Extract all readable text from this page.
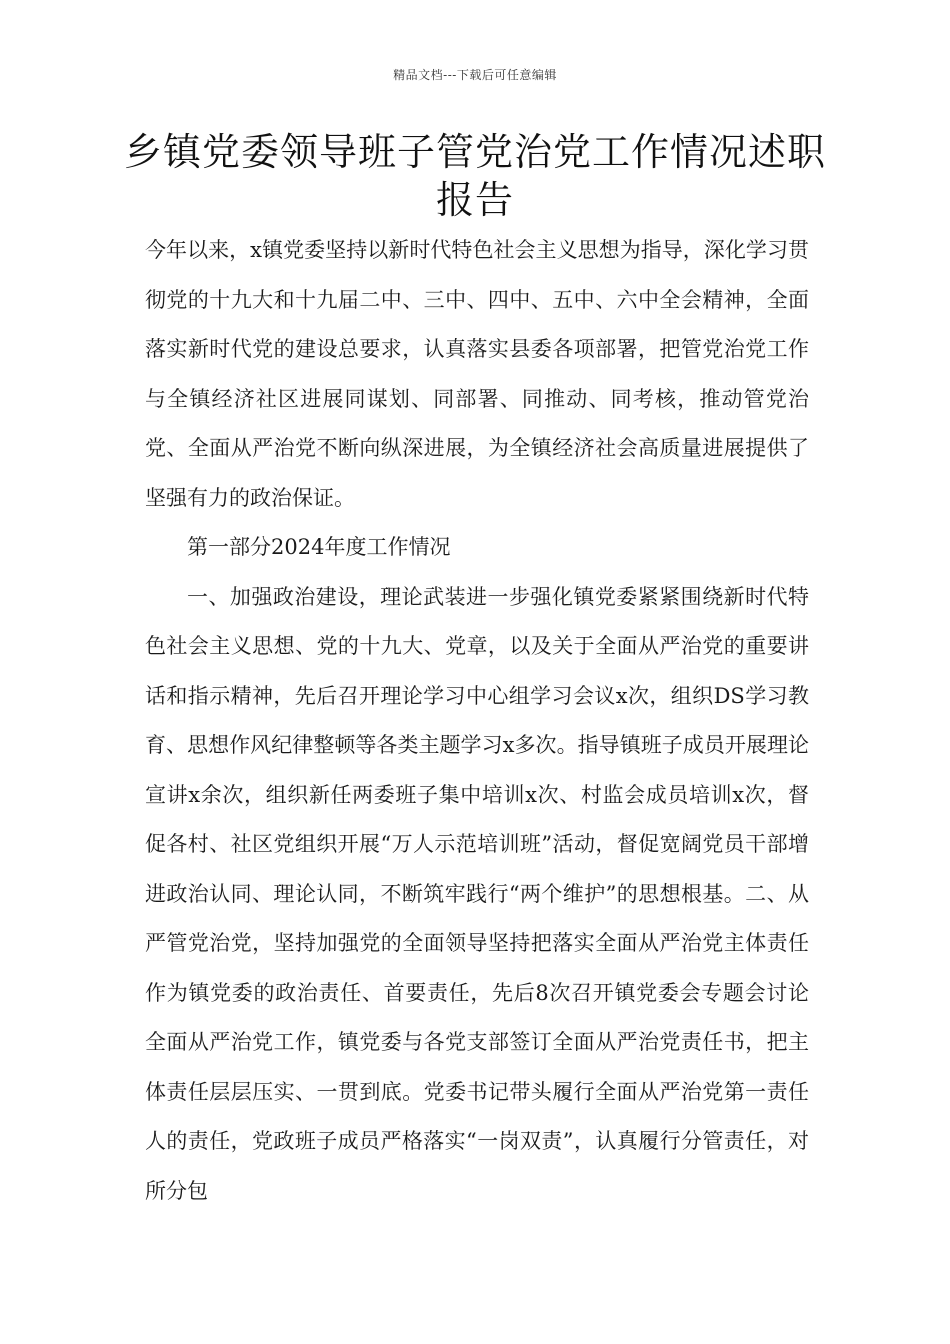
精品文档---下载后可任意编辑
乡镇党委领导班子管党治党工作情况述职报告

今年以来，x镇党委坚持以新时代特色社会主义思想为指导，深化学习贯彻党的十九大和十九届二中、三中、四中、五中、六中全会精神，全面落实新时代党的建设总要求，认真落实县委各项部署，把管党治党工作与全镇经济社区进展同谋划、同部署、同推动、同考核，推动管党治党、全面从严治党不断向纵深进展，为全镇经济社会高质量进展提供了坚强有力的政治保证。

第一部分2024年度工作情况

一、加强政治建设，理论武装进一步强化镇党委紧紧围绕新时代特色社会主义思想、党的十九大、党章，以及关于全面从严治党的重要讲话和指示精神，先后召开理论学习中心组学习会议x次，组织DS学习教育、思想作风纪律整顿等各类主题学习x多次。指导镇班子成员开展理论宣讲x余次，组织新任两委班子集中培训x次、村监会成员培训x次，督促各村、社区党组织开展“万人示范培训班”活动，督促宽阔党员干部增进政治认同、理论认同，不断筑牢践行“两个维护”的思想根基。二、从严管党治党，坚持加强党的全面领导坚持把落实全面从严治党主体责任作为镇党委的政治责任、首要责任，先后8次召开镇党委会专题会讨论全面从严治党工作，镇党委与各党支部签订全面从严治党责任书，把主体责任层层压实、一贯到底。党委书记带头履行全面从严治党第一责任人的责任，党政班子成员严格落实“一岗双责”，认真履行分管责任，对所分包
